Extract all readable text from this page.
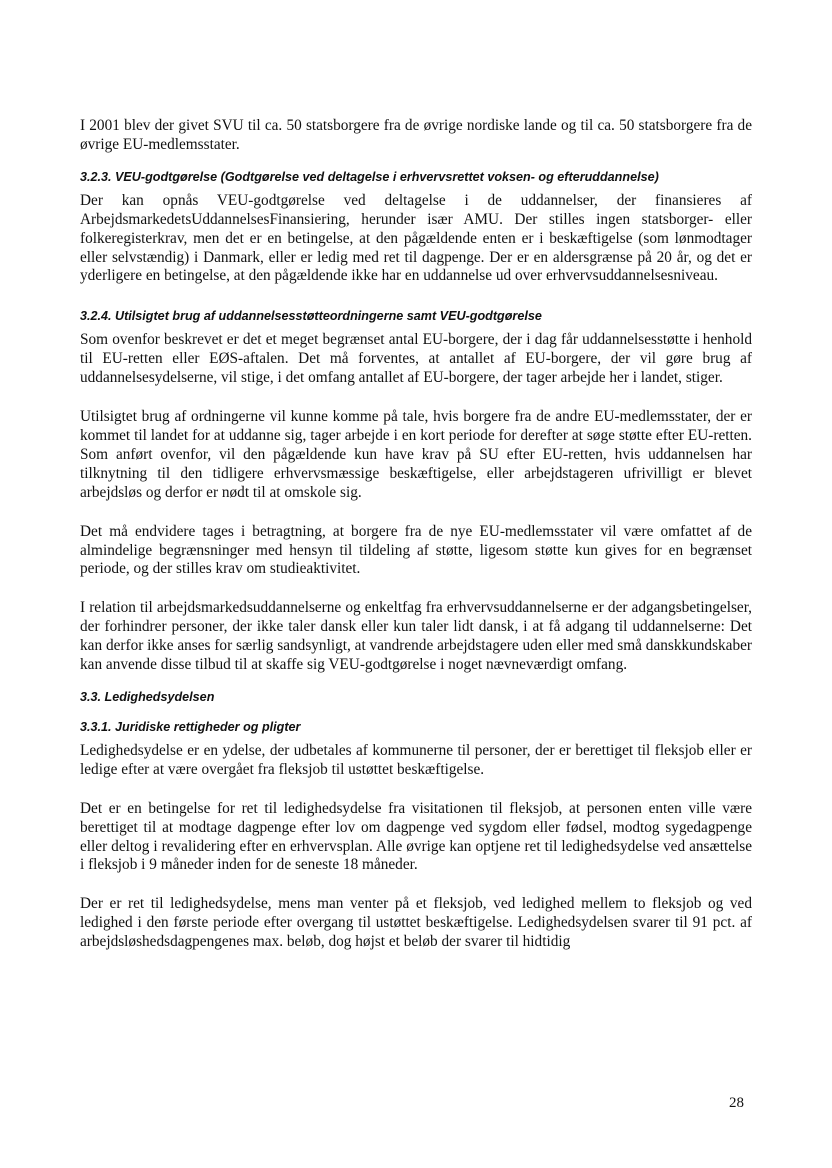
I 2001 blev der givet SVU til ca. 50 statsborgere fra de øvrige nordiske lande og til ca. 50 statsborgere fra de øvrige EU-medlemsstater.

3.2.3. VEU-godtgørelse (Godtgørelse ved deltagelse i erhvervsrettet voksen- og efteruddannelse)

Der kan opnås VEU-godtgørelse ved deltagelse i de uddannelser, der finansieres af ArbejdsmarkedetsUddannelsesFinansiering, herunder især AMU. Der stilles ingen statsborger- eller folkeregisterkrav, men det er en betingelse, at den pågældende enten er i beskæftigelse (som lønmodtager eller selvstændig) i Danmark, eller er ledig med ret til dagpenge. Der er en aldersgrænse på 20 år, og det er yderligere en betingelse, at den pågældende ikke har en uddannelse ud over erhvervsuddannelsesniveau.

3.2.4. Utilsigtet brug af uddannelsesstøtteordningerne samt VEU-godtgørelse

Som ovenfor beskrevet er det et meget begrænset antal EU-borgere, der i dag får uddannelsesstøtte i henhold til EU-retten eller EØS-aftalen. Det må forventes, at antallet af EU-borgere, der vil gøre brug af uddannelsesydelserne, vil stige, i det omfang antallet af EU-borgere, der tager arbejde her i landet, stiger.

Utilsigtet brug af ordningerne vil kunne komme på tale, hvis borgere fra de andre EU-medlemsstater, der er kommet til landet for at uddanne sig, tager arbejde i en kort periode for derefter at søge støtte efter EU-retten. Som anført ovenfor, vil den pågældende kun have krav på SU efter EU-retten, hvis uddannelsen har tilknytning til den tidligere erhvervsmæssige beskæftigelse, eller arbejdstageren ufrivilligt er blevet arbejdsløs og derfor er nødt til at omskole sig.

Det må endvidere tages i betragtning, at borgere fra de nye EU-medlemsstater vil være omfattet af de almindelige begrænsninger med hensyn til tildeling af støtte, ligesom støtte kun gives for en begrænset periode, og der stilles krav om studieaktivitet.

I relation til arbejdsmarkedsuddannelserne og enkeltfag fra erhvervsuddannelserne er der adgangsbetingelser, der forhindrer personer, der ikke taler dansk eller kun taler lidt dansk, i at få adgang til uddannelserne: Det kan derfor ikke anses for særlig sandsynligt, at vandrende arbejdstagere uden eller med små danskkundskaber kan anvende disse tilbud til at skaffe sig VEU-godtgørelse i noget nævneværdigt omfang.

3.3. Ledighedsydelsen
3.3.1. Juridiske rettigheder og pligter

Ledighedsydelse er en ydelse, der udbetales af kommunerne til personer, der er berettiget til fleksjob eller er ledige efter at være overgået fra fleksjob til ustøttet beskæftigelse.

Det er en betingelse for ret til ledighedsydelse fra visitationen til fleksjob, at personen enten ville være berettiget til at modtage dagpenge efter lov om dagpenge ved sygdom eller fødsel, modtog sygedagpenge eller deltog i revalidering efter en erhvervsplan. Alle øvrige kan optjene ret til ledighedsydelse ved ansættelse i fleksjob i 9 måneder inden for de seneste 18 måneder.

Der er ret til ledighedsydelse, mens man venter på et fleksjob, ved ledighed mellem to fleksjob og ved ledighed i den første periode efter overgang til ustøttet beskæftigelse. Ledighedsydelsen svarer til 91 pct. af arbejdsløshedsdagpengenes max. beløb, dog højst et beløb der svarer til hidtidig

28
